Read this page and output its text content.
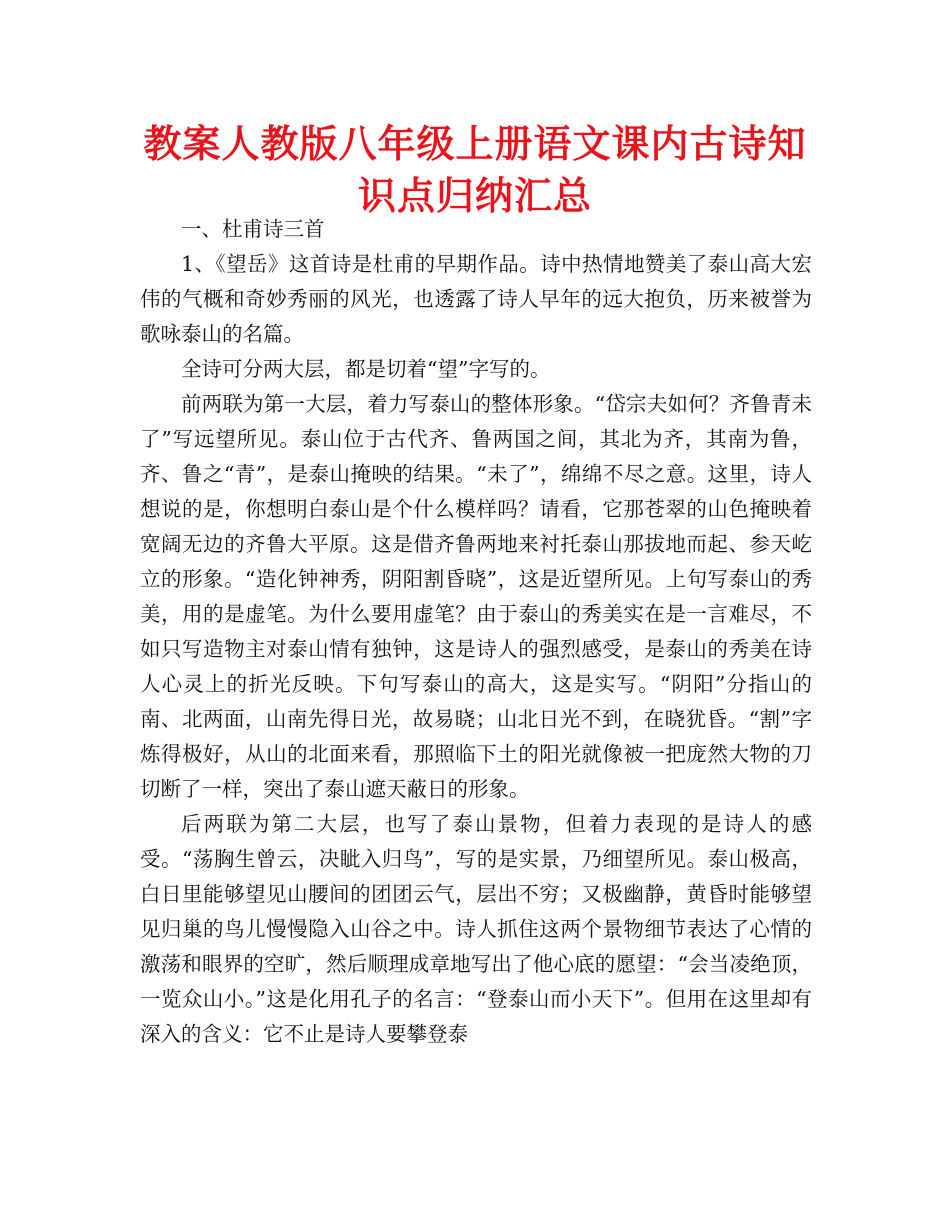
教案人教版八年级上册语文课内古诗知识点归纳汇总

一、杜甫诗三首

1、《望岳》这首诗是杜甫的早期作品。诗中热情地赞美了泰山高大宏伟的气概和奇妙秀丽的风光，也透露了诗人早年的远大抱负，历来被誉为歌咏泰山的名篇。

全诗可分两大层，都是切着“望”字写的。

前两联为第一大层，着力写泰山的整体形象。“岱宗夫如何？齐鲁青未了”写远望所见。泰山位于古代齐、鲁两国之间，其北为齐，其南为鲁，齐、鲁之“青”，是泰山掩映的结果。“未了”，绵绵不尽之意。这里，诗人想说的是，你想明白泰山是个什么模样吗？请看，它那苍翠的山色掩映着宽阔无边的齐鲁大平原。这是借齐鲁两地来衬托泰山那拔地而起、参天屹立的形象。“造化钟神秀，阴阳割昏晓”，这是近望所见。上句写泰山的秀美，用的是虚笔。为什么要用虚笔？由于泰山的秀美实在是一言难尽，不如只写造物主对泰山情有独钟，这是诗人的强烈感受，是泰山的秀美在诗人心灵上的折光反映。下句写泰山的高大，这是实写。“阴阳”分指山的南、北两面，山南先得日光，故易晓；山北日光不到，在晓犹昏。“割”字炼得极好，从山的北面来看，那照临下土的阳光就像被一把庞然大物的刀切断了一样，突出了泰山遮天蔽日的形象。

后两联为第二大层，也写了泰山景物，但着力表现的是诗人的感受。“荡胸生曾云，决眦入归鸟”，写的是实景，乃细望所见。泰山极高，白日里能够望见山腰间的团团云气，层出不穷；又极幽静，黄昏时能够望见归巢的鸟儿慢慢隐入山谷之中。诗人抓住这两个景物细节表达了心情的激荡和眼界的空旷，然后顺理成章地写出了他心底的愿望：“会当凌绝顶，一览众山小。”这是化用孔子的名言：“登泰山而小天下”。但用在这里却有深入的含义：它不止是诗人要攀登泰
